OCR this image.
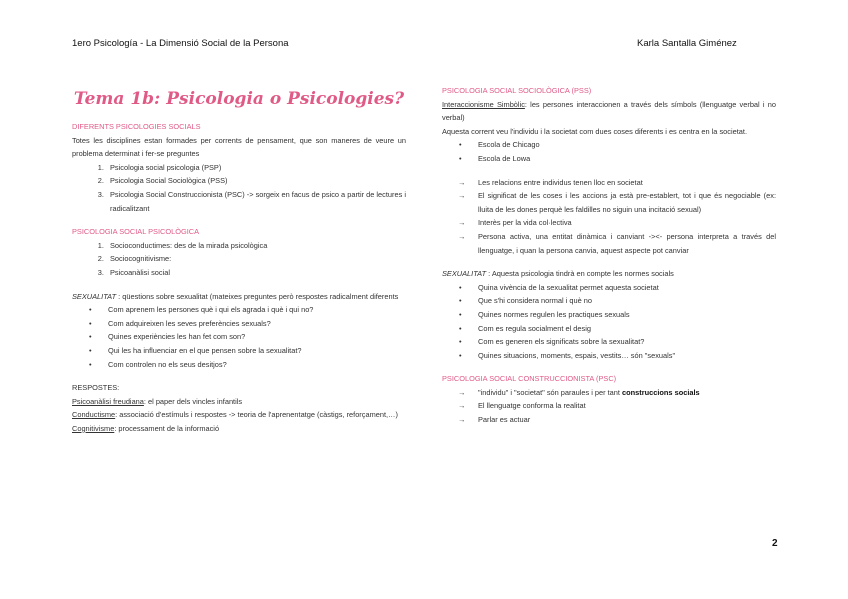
1ero Psicología - La Dimensió Social de la Persona	Karla Santalla Giménez
Tema 1b: Psicologia o Psicologies?
DIFERENTS PSICOLOGIES SOCIALS

Totes les disciplines estan formades per corrents de pensament, que son maneres de veure un problema determinat i fer-se preguntes

1. Psicologia social psicologia (PSP)
2. Psicologia Social Sociològica (PSS)
3. Psicologia Social Construccionista (PSC) -> sorgeix en facus de psico a partir de lectures i radicalitzant
PSICOLOGIA SOCIAL PSICOLÒGICA
1. Socioconductimes: des de la mirada psicològica
2. Sociocognitivisme:
3. Psicoanàlisi social

SEXUALITAT : qüestions sobre sexualitat (mateixes preguntes però respostes radicalment diferents

• Com aprenem les persones què i qui els agrada i què i qui no?
• Com adquireixen les seves preferències sexuals?
• Quines experiències les han fet com son?
• Qui les ha influenciar en el que pensen sobre la sexualitat?
• Com controlen no els seus desitjos?
RESPOSTES:
Psicoanàlisi freudiana: el paper dels vincles infantils
Conductisme: associació d'estímuls i respostes -> teoria de l'aprenentatge (càstigs, reforçament,…)
Cognitivisme: processament de la informació
PSICOLOGIA SOCIAL SOCIOLÒGICA (PSS)

Interaccionisme Simbòlic: les persones interaccionen a través dels símbols (llenguatge verbal i no verbal)

Aquesta corrent veu l'individu i la societat com dues coses diferents i es centra en la societat.

• Escola de Chicago
• Escola de Lowa
→ Les relacions entre individus tenen lloc en societat
→ El significat de les coses i les accions ja està pre-establert, tot i que és negociable (ex: lluita de les dones perquè les faldilles no siguin una incitació sexual)
→ Interès per la vida col·lectiva
→ Persona activa, una entitat dinàmica i canviant -><- persona interpreta a través del llenguatge, i quan la persona canvia, aquest aspecte pot canviar

SEXUALITAT : Aquesta psicologia tindrà en compte les normes socials

• Quina vivència de la sexualitat permet aquesta societat
• Que s'hi considera normal i què no
• Quines normes regulen les practiques sexuals
• Com es regula socialment el desig
• Com es generen els significats sobre la sexualitat?
• Quines situacions, moments, espais, vestits… són "sexuals"
PSICOLOGIA SOCIAL CONSTRUCCIONISTA (PSC)
→ "individu" i "societat" són paraules i per tant construccions socials
→ El llenguatge conforma la realitat
→ Parlar es actuar
2
